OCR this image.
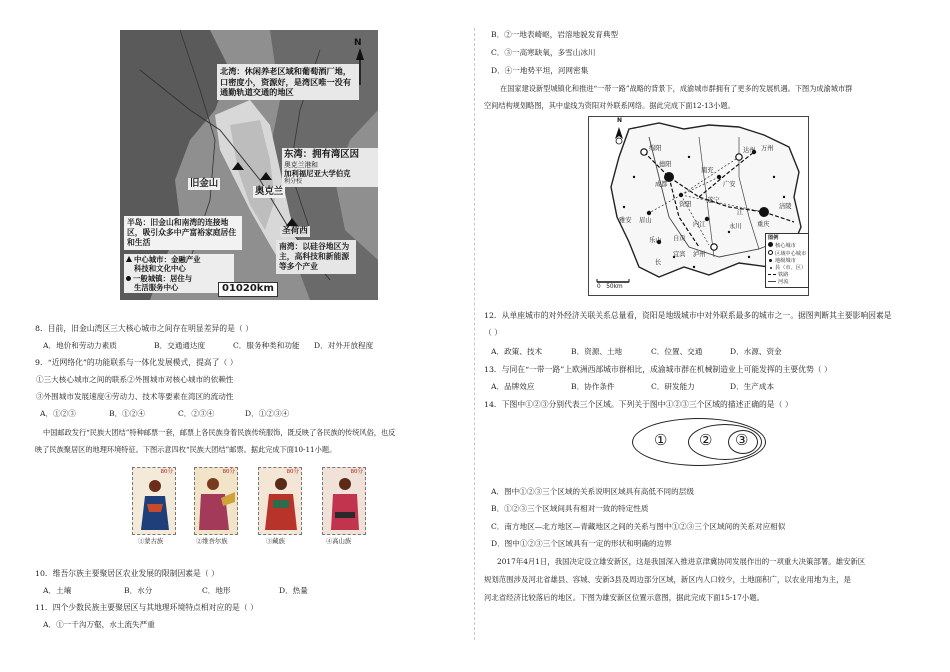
N
北湾：休闲养老区域和葡萄酒厂地，口密度小，资源好，是湾区唯一没有通勤轨道交通的地区
东湾：拥有湾区因
奥克兰港和
加利福尼亚大学伯克
利分校
旧金山
奥克兰
圣荷西
半岛：旧金山和南湾的连接地区，吸引众多中产富裕家庭居住和生活	南湾：以硅谷地区为主，高科技和新能源等多个产业
中心城市：金融产业
科技和文化中心
一般城镇：居住与
生活服务中心	01020km
8．目前，旧金山湾区三大核心城市之间存在明显差异的是（ ）
A．地价和劳动力素质	B．交通通达度	C．服务种类和功能 D．对外开放程度
9．“近网络化”的功能联系与一体化发展模式，提高了（ ）
①三大核心城市之间的联系②外围城市对核心城市的依赖性
③外围城市发展速度④劳动力、技术等要素在湾区的流动性
A．①②③	B．①②④	C．②③④	D．①②③④
中国邮政发行“民族大团结”特种邮票一套，邮票上各民族身着民族传统服饰，既反映了各民族的传统风俗，也反
映了民族聚居区的地理环境特征。下图示意四枚“民族大团结”邮票。据此完成下面10-11小题。
80分
①蒙古族
80分
②维吾尔族
80分
③藏族
80分
④高山族
10．维吾尔族主要聚居区农业发展的限制因素是（ ）
A．土壤	B．水分	C．地形	D．热量
11．四个少数民族主要聚居区与其地理环境特点相对应的是（ ）
A．①一千沟万壑，水土流失严重
B．②一地表崎岖，岩溶地貌发育典型
C．③一高寒缺氧，多雪山冰川
D．④一地势平坦，河网密集
在国家建设新型城镇化和推进“一带一路”战略的背景下，成渝城市群拥有了更多的发展机遇。下图为成渝城市群
空间结构规划略图，其中虚线为资阳对外联系网络。据此完成下面12-13小题。
N
0   50km
绵阳
德阳
成都
南充
达州
广安
万州
雅安 眉山
遂宁
资阳
乐山
内江	永川
江
重庆
自贡
宜宾 泸州
长
涪陵
图例
核心城市
区域中心城市
地级城市
县（市、区）
铁路
河流
12．从单座城市的对外经济关联关系总量看，资阳是地级城市中对外联系最多的城市之一。据图判断其主要影响因素是
（ ）
A．政策、技术	B．资源、土地	C．位置、交通	D．水源、资金
13．与同在“一带一路”上欧洲西部城市群相比，成渝城市群在机械制造业上可能发挥的主要优势（ ）
A．品牌效应	B．协作条件	C．研发能力	D．生产成本
14．下图中①②③分别代表三个区域。下列关于图中①②③三个区域的描述正确的是（ ）
① ② ③
A．图中①②③三个区域的关系说明区域具有高低不同的层级
B．①②③三个区域间具有相对一致的特定性质
C．南方地区—北方地区—青藏地区之间的关系与图中①②③三个区域间的关系对应相似
D．图中①②③三个区域具有一定的形状和明确的边界
2017年4月1日，我国决定设立雄安新区，这是我国深入推进京津冀协同发展作出的一项重大决策部署。雄安新区
规划范围涉及河北省雄县、容城、安新3县及周边部分区域，新区内人口较少，土地面积广，以农业用地为主，是
河北省经济比较落后的地区。下图为雄安新区位置示意图，据此完成下面15-17小题。
